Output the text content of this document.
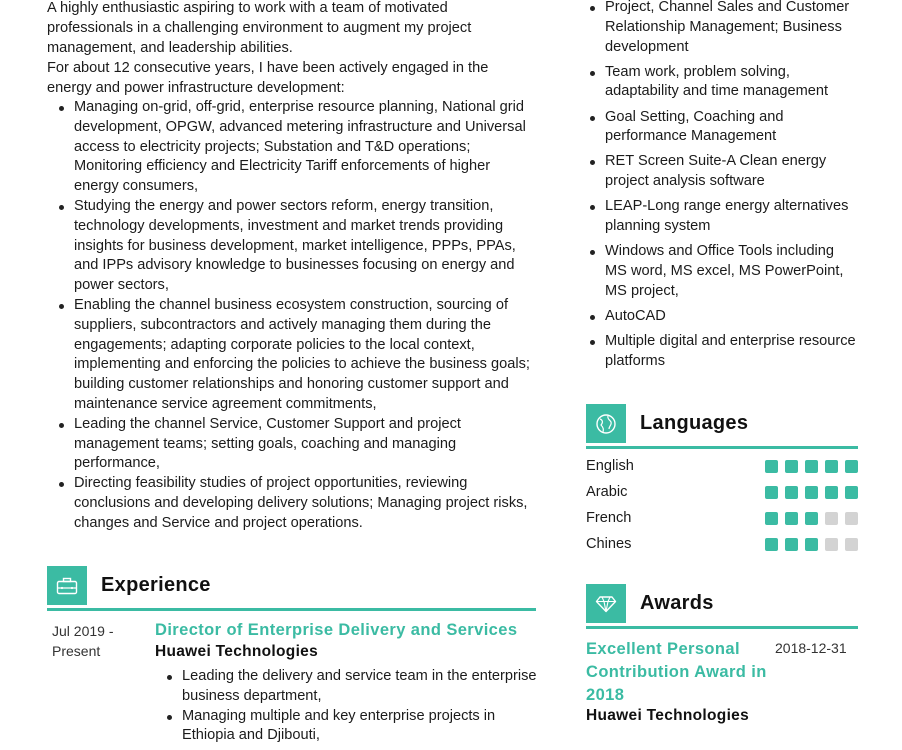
A highly enthusiastic aspiring to work with a team of motivated professionals in a challenging environment to augment my project management, and leadership abilities.

For about 12 consecutive years, I have been actively engaged in the energy and power infrastructure development:

Managing on-grid, off-grid, enterprise resource planning, National grid development, OPGW, advanced metering infrastructure and Universal access to electricity projects; Substation and T&D operations; Monitoring efficiency and Electricity Tariff enforcements of higher energy consumers,
Studying the energy and power sectors reform, energy transition, technology developments, investment and market trends providing insights for business development, market intelligence, PPPs, PPAs, and IPPs advisory knowledge to businesses focusing on energy and power sectors,
Enabling the channel business ecosystem construction, sourcing of suppliers, subcontractors and actively managing them during the engagements; adapting corporate policies to the local context, implementing and enforcing the policies to achieve the business goals; building customer relationships and honoring customer support and maintenance service agreement commitments,
Leading the channel Service, Customer Support and project management teams; setting goals, coaching and managing performance,
Directing feasibility studies of project opportunities, reviewing conclusions and developing delivery solutions; Managing project risks, changes and Service and project operations.
Experience
Jul 2019 -
Present
Director of Enterprise Delivery and Services
Huawei Technologies
Leading the delivery and service team in the enterprise business department,
Managing multiple and key enterprise projects in Ethiopia and Djibouti,
Project, Channel Sales and Customer Relationship Management; Business development
Team work, problem solving, adaptability and time management
Goal Setting, Coaching and performance Management
RET Screen Suite-A Clean energy project analysis software
LEAP-Long range energy alternatives planning system
Windows and Office Tools including MS word, MS excel, MS PowerPoint, MS project,
AutoCAD
Multiple digital and enterprise resource platforms
Languages
English
Arabic
French
Chines
Awards
Excellent Personal Contribution Award in 2018
2018-12-31
Huawei Technologies
